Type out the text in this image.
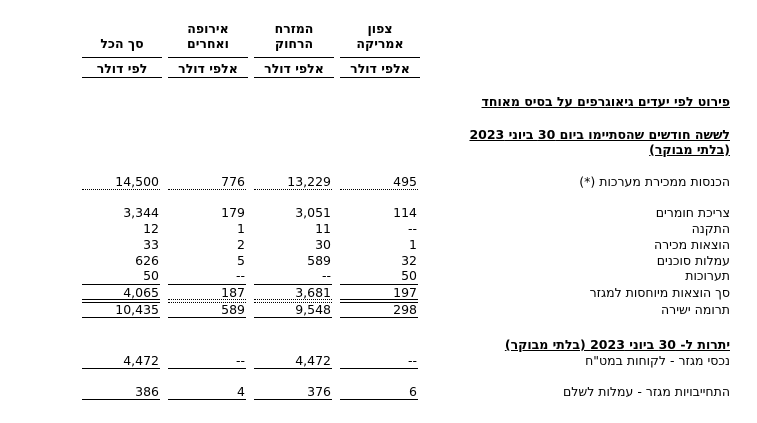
צפון
אמריקה
אלפי דולר
המזרח
הרחוק
אלפי דולר
אירופה
ואחרים
אלפי דולר
סך הכל
לפי דולר
פירוט לפי יעדים גיאוגרפים על בסיס מאוחד
לששה חודשים שהסתיימו ביום 30 ביוני 2023
(בלתי מבוקר)
הכנסות ממכירת מערכות (*)
495
13,229
776
14,500
צריכת חומרים
114
3,051
179
3,344
התקנה
--
11
1
12
הוצאות מכירה
1
30
2
33
עמלות סוכנים
32
589
5
626
תערוכות
50
--
--
50
סך הוצאות מיוחסות למגזר
197
3,681
187
4,065
תרומה ישירה
298
9,548
589
10,435
יתרות ל- 30 ביוני 2023 (בלתי מבוקר)
נכסי מגזר - לקוחות במט"ח
--
4,472
--
4,472
התחייבויות מגזר - עמלות לשלם
6
376
4
386
